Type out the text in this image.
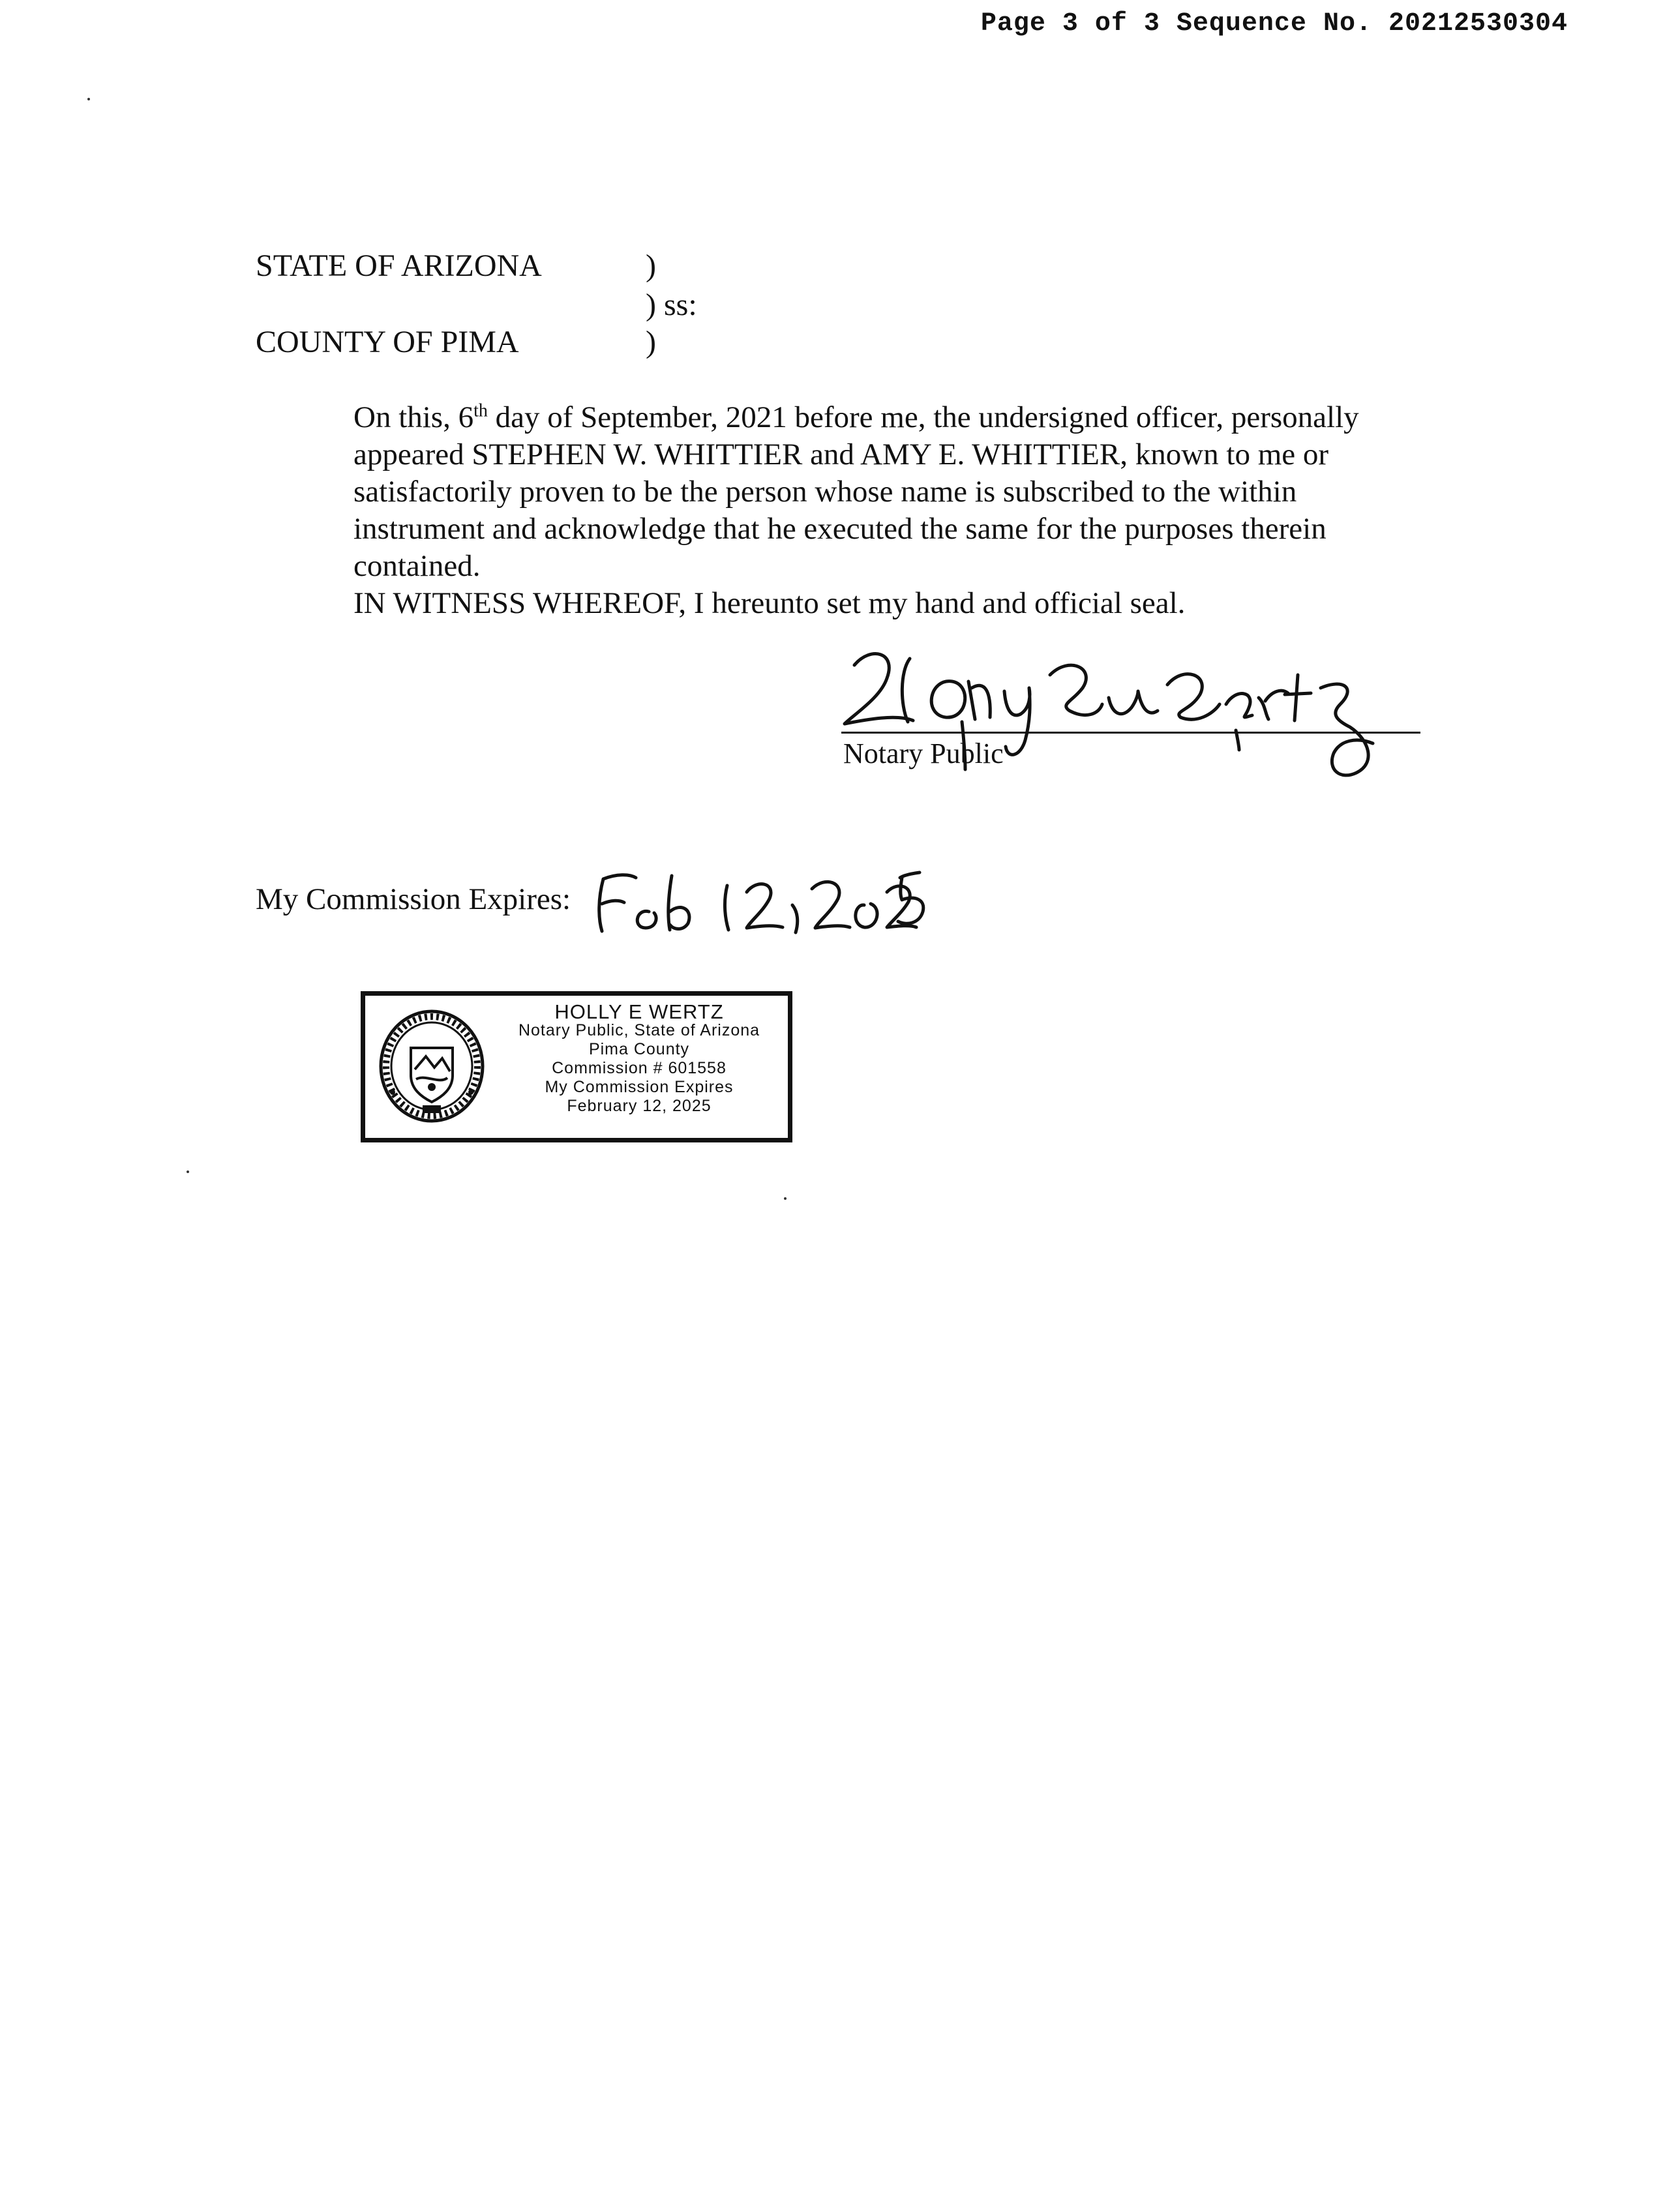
Page 3 of 3 Sequence No. 20212530304
STATE OF ARIZONA	)
) ss:
COUNTY OF PIMA	)

On this, 6th day of September, 2021 before me, the undersigned officer, personally appeared STEPHEN W. WHITTIER and AMY E. WHITTIER, known to me or satisfactorily proven to be the person whose name is subscribed to the within instrument and acknowledge that he executed the same for the purposes therein contained.

IN WITNESS WHEREOF, I hereunto set my hand and official seal.

Notary Public
My Commission Expires:
HOLLY E WERTZ
Notary Public, State of Arizona
Pima County
Commission # 601558
My Commission Expires
February 12, 2025
